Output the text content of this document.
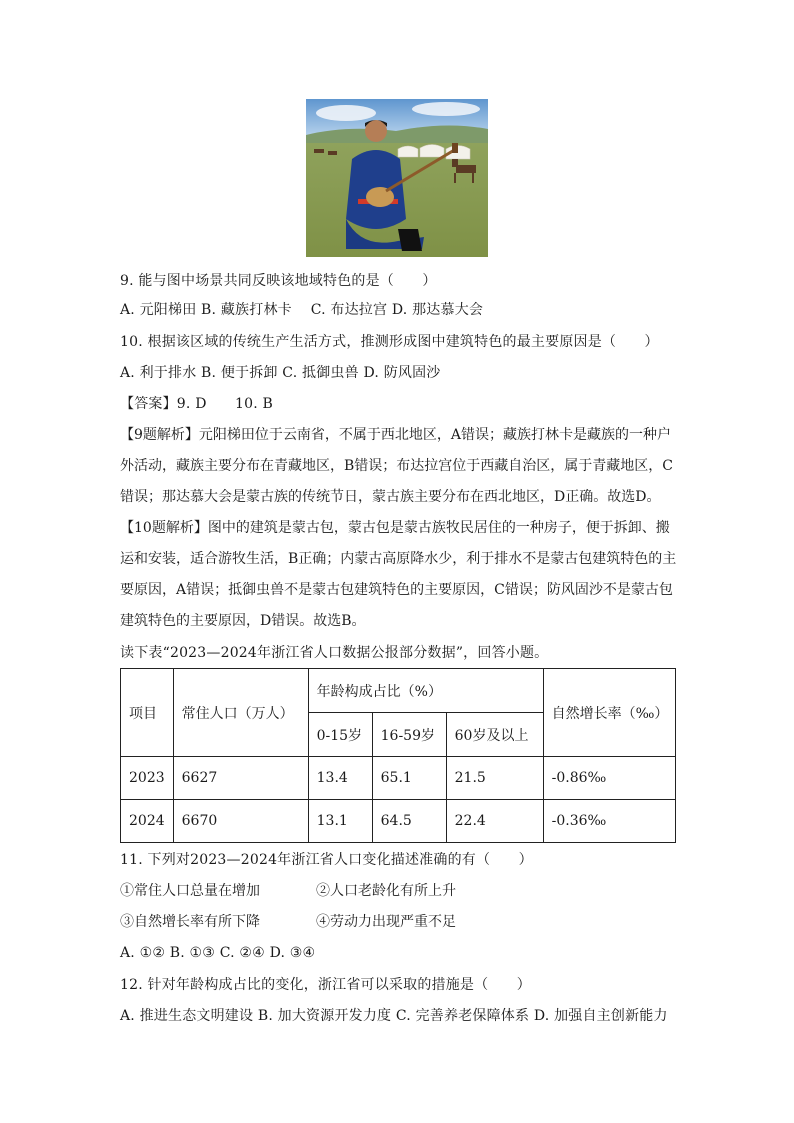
9. 能与图中场景共同反映该地域特色的是（　　）
A. 元阳梯田 B. 藏族打林卡 　C. 布达拉宫 D. 那达慕大会
10. 根据该区域的传统生产生活方式，推测形成图中建筑特色的最主要原因是（　　）
A. 利于排水 B. 便于拆卸 C. 抵御虫兽 D. 防风固沙
【答案】9. D　　10. B

【9题解析】元阳梯田位于云南省，不属于西北地区，A错误；藏族打林卡是藏族的一种户

外活动，藏族主要分布在青藏地区，B错误；布达拉宫位于西藏自治区，属于青藏地区，C

错误；那达慕大会是蒙古族的传统节日，蒙古族主要分布在西北地区，D正确。故选D。

【10题解析】图中的建筑是蒙古包，蒙古包是蒙古族牧民居住的一种房子，便于拆卸、搬

运和安装，适合游牧生活，B正确；内蒙古高原降水少，利于排水不是蒙古包建筑特色的主

要原因，A错误；抵御虫兽不是蒙古包建筑特色的主要原因，C错误；防风固沙不是蒙古包

建筑特色的主要原因，D错误。故选B。

读下表“2023—2024年浙江省人口数据公报部分数据”，回答小题。
项目	常住人口（万人）	年龄构成占比（%）			自然增长率（‰）
		0-15岁	16-59岁	60岁及以上	
2023	6627	13.4	65.1	21.5	-0.86‰
2024	6670	13.1	64.5	22.4	-0.36‰
11. 下列对2023—2024年浙江省人口变化描述准确的有（　　）
①常住人口总量在增加	②人口老龄化有所上升
③自然增长率有所下降	④劳动力出现严重不足
A. ①② B. ①③ C. ②④ D. ③④
12. 针对年龄构成占比的变化，浙江省可以采取的措施是（　　）
A. 推进生态文明建设 B. 加大资源开发力度 C. 完善养老保障体系 D. 加强自主创新能力
